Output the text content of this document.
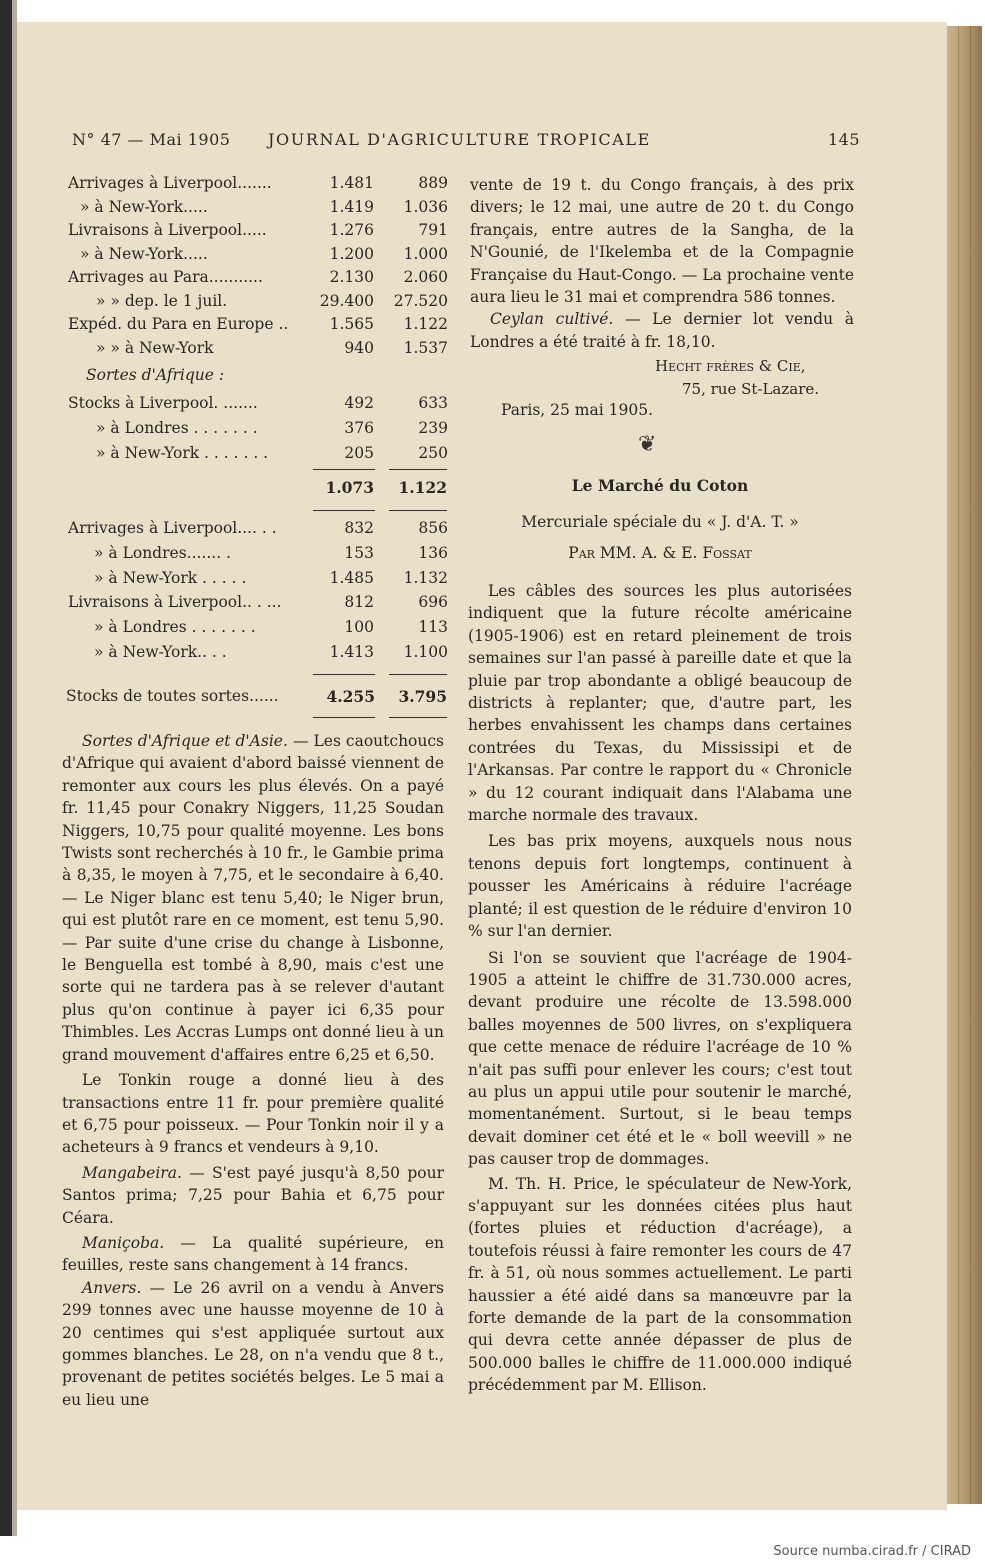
N° 47 — Mai 1905 JOURNAL D'AGRICULTURE TROPICALE	145
Arrivages à Liverpool.......	1.481	889
» à New-York.....	1.419 1.036
Livraisons à Liverpool.....	1.276	791
» à New-York.....	1.200 1.000
Arrivages au Para...........	2.130 2.060
» » dep. le 1 juil.	29.400 27.520
Expéd. du Para en Europe ..	1.565 1.122
» » à New-York	940 1.537
Sortes d'Afrique :
Stocks à Liverpool. .......	492	633
» à Londres . . . . . . .	376	239
» à New-York . . . . . . .	205	250
1.073	1.122
Arrivages à Liverpool.... . .	832	856
» à Londres....... .	153	136
» à New-York . . . . .	1.485 1.132
Livraisons à Liverpool.. . ...	812	696
» à Londres . . . . . . .	100	113
» à New-York.. . .	1.413 1.100
Stocks de toutes sortes......	4.255	3.795

Sortes d'Afrique et d'Asie. — Les caoutchoucs d'Afrique qui avaient d'abord baissé viennent de remonter aux cours les plus élevés. On a payé fr. 11,45 pour Conakry Niggers, 11,25 Soudan Niggers, 10,75 pour qualité moyenne. Les bons Twists sont recherchés à 10 fr., le Gambie prima à 8,35, le moyen à 7,75, et le secondaire à 6,40. — Le Niger blanc est tenu 5,40; le Niger brun, qui est plutôt rare en ce moment, est tenu 5,90. — Par suite d'une crise du change à Lisbonne, le Benguella est tombé à 8,90, mais c'est une sorte qui ne tardera pas à se relever d'autant plus qu'on continue à payer ici 6,35 pour Thimbles. Les Accras Lumps ont donné lieu à un grand mouvement d'affaires entre 6,25 et 6,50.

Le Tonkin rouge a donné lieu à des transactions entre 11 fr. pour première qualité et 6,75 pour poisseux. — Pour Tonkin noir il y a acheteurs à 9 francs et vendeurs à 9,10.

Mangabeira. — S'est payé jusqu'à 8,50 pour Santos prima; 7,25 pour Bahia et 6,75 pour Céara.

Maniçoba. — La qualité supérieure, en feuilles, reste sans changement à 14 francs.

Anvers. — Le 26 avril on a vendu à Anvers 299 tonnes avec une hausse moyenne de 10 à 20 centimes qui s'est appliquée surtout aux gommes blanches. Le 28, on n'a vendu que 8 t., provenant de petites sociétés belges. Le 5 mai a eu lieu une

vente de 19 t. du Congo français, à des prix divers; le 12 mai, une autre de 20 t. du Congo français, entre autres de la Sangha, de la N'Gounié, de l'Ikelemba et de la Compagnie Française du Haut-Congo. — La prochaine vente aura lieu le 31 mai et comprendra 586 tonnes.

Ceylan cultivé. — Le dernier lot vendu à Londres a été traité à fr. 18,10.

Hecht frères & Cie,
75, rue St-Lazare.
Paris, 25 mai 1905.
❦
Le Marché du Coton
Mercuriale spéciale du « J. d'A. T. »
Par MM. A. & E. Fossat

Les câbles des sources les plus autorisées indiquent que la future récolte américaine (1905-1906) est en retard pleinement de trois semaines sur l'an passé à pareille date et que la pluie par trop abondante a obligé beaucoup de districts à replanter; que, d'autre part, les herbes envahissent les champs dans certaines contrées du Texas, du Mississipi et de l'Arkansas. Par contre le rapport du « Chronicle » du 12 courant indiquait dans l'Alabama une marche normale des travaux.

Les bas prix moyens, auxquels nous nous tenons depuis fort longtemps, continuent à pousser les Américains à réduire l'acréage planté; il est question de le réduire d'environ 10 % sur l'an dernier.

Si l'on se souvient que l'acréage de 1904-1905 a atteint le chiffre de 31.730.000 acres, devant produire une récolte de 13.598.000 balles moyennes de 500 livres, on s'expliquera que cette menace de réduire l'acréage de 10 % n'ait pas suffi pour enlever les cours; c'est tout au plus un appui utile pour soutenir le marché, momentanément. Surtout, si le beau temps devait dominer cet été et le « boll weevill » ne pas causer trop de dommages.

M. Th. H. Price, le spéculateur de New-York, s'appuyant sur les données citées plus haut (fortes pluies et réduction d'acréage), a toutefois réussi à faire remonter les cours de 47 fr. à 51, où nous sommes actuellement. Le parti haussier a été aidé dans sa manœuvre par la forte demande de la part de la consommation qui devra cette année dépasser de plus de 500.000 balles le chiffre de 11.000.000 indiqué précédemment par M. Ellison.

Source numba.cirad.fr / CIRAD
